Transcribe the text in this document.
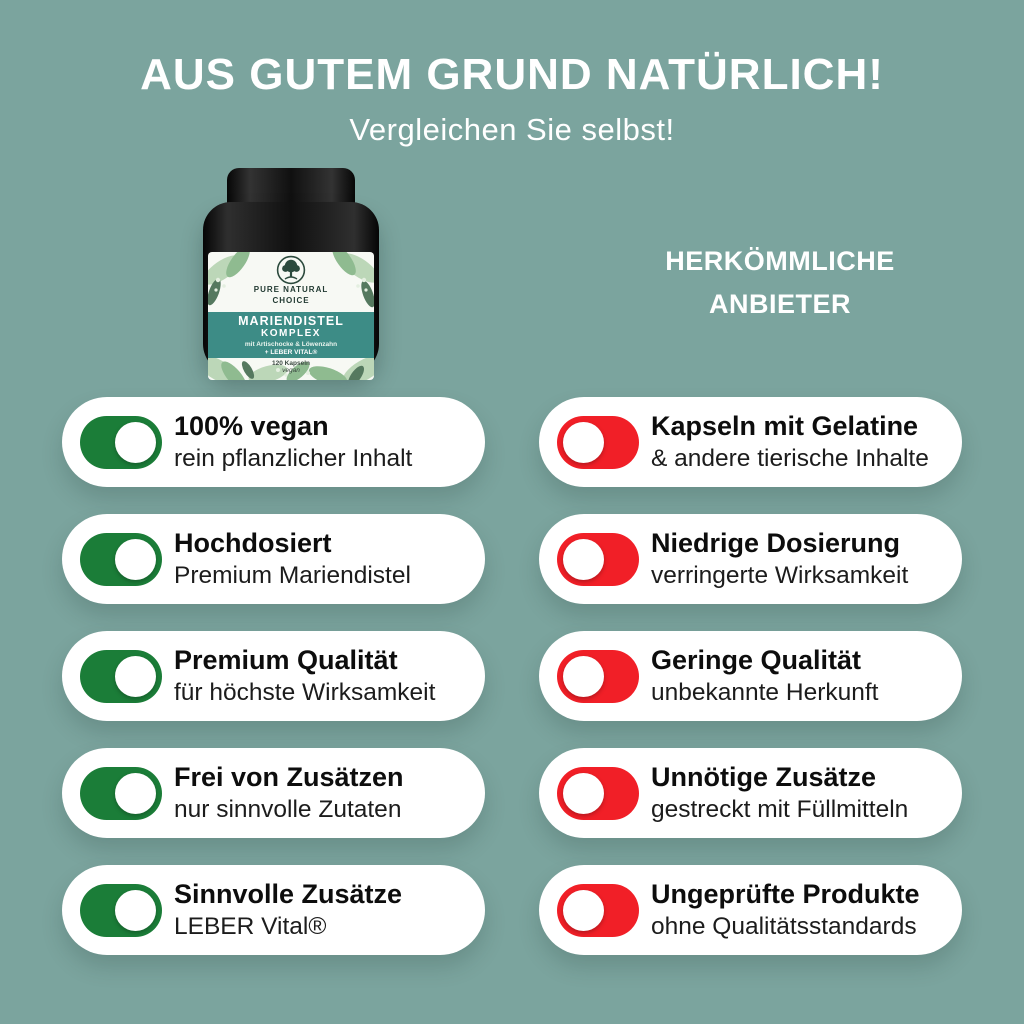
AUS GUTEM GRUND NATÜRLICH!
Vergleichen Sie selbst!
PURE NATURAL
CHOICE
MARIENDISTEL
KOMPLEX
mit Artischocke & Löwenzahn
+ LEBER VITAL®
120 Kapseln
vegan
HERKÖMMLICHE
ANBIETER
100% vegan
rein pflanzlicher Inhalt
Hochdosiert
Premium Mariendistel
Premium Qualität
für höchste Wirksamkeit
Frei von Zusätzen
nur sinnvolle Zutaten
Sinnvolle Zusätze
LEBER Vital®
Kapseln mit Gelatine
& andere tierische Inhalte
Niedrige Dosierung
verringerte Wirksamkeit
Geringe Qualität
unbekannte Herkunft
Unnötige Zusätze
gestreckt mit Füllmitteln
Ungeprüfte Produkte
ohne Qualitätsstandards
